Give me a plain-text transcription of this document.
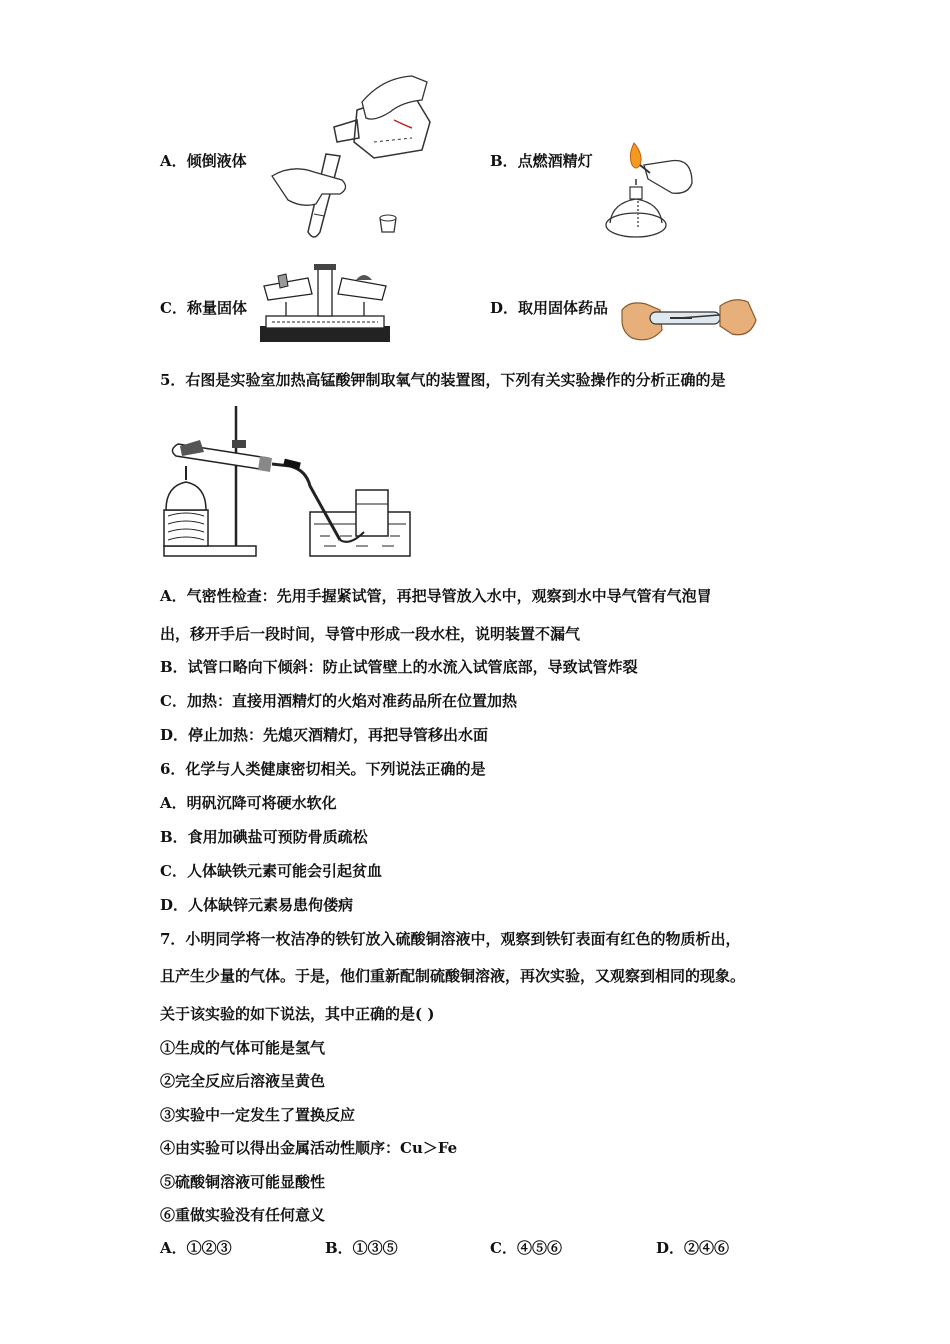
A．倾倒液体	B．点燃酒精灯
C．称量固体	D．取用固体药品
5．右图是实验室加热高锰酸钾制取氧气的装置图，下列有关实验操作的分析正确的是
A．气密性检查：先用手握紧试管，再把导管放入水中，观察到水中导气管有气泡冒
出，移开手后一段时间，导管中形成一段水柱，说明装置不漏气
B．试管口略向下倾斜：防止试管壁上的水流入试管底部，导致试管炸裂
C．加热：直接用酒精灯的火焰对准药品所在位置加热
D．停止加热：先熄灭酒精灯，再把导管移出水面
6．化学与人类健康密切相关。下列说法正确的是
A．明矾沉降可将硬水软化
B．食用加碘盐可预防骨质疏松
C．人体缺铁元素可能会引起贫血
D．人体缺锌元素易患佝偻病
7．小明同学将一枚洁净的铁钉放入硫酸铜溶液中，观察到铁钉表面有红色的物质析出，
且产生少量的气体。于是，他们重新配制硫酸铜溶液，再次实验，又观察到相同的现象。
关于该实验的如下说法，其中正确的是( )
①生成的气体可能是氢气
②完全反应后溶液呈黄色
③实验中一定发生了置换反应
④由实验可以得出金属活动性顺序：Cu＞Fe
⑤硫酸铜溶液可能显酸性
⑥重做实验没有任何意义
A．①②③	B．①③⑤	C．④⑤⑥	D．②④⑥
